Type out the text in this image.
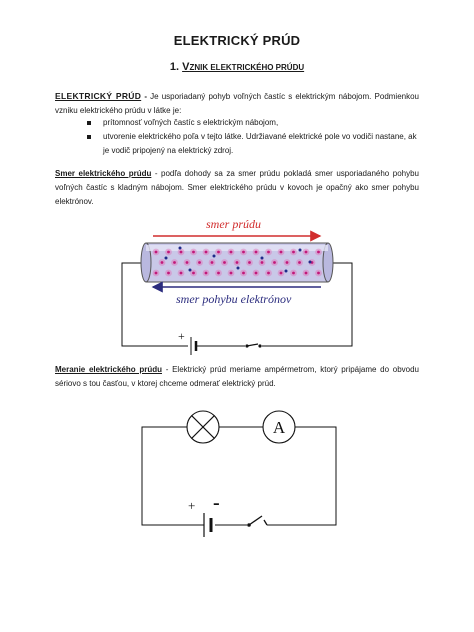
ELEKTRICKÝ PRÚD
1. VZNIK ELEKTRICKÉHO PRÚDU
ELEKTRICKÝ PRÚD - Je usporiadaný pohyb voľných častíc s elektrickým nábojom. Podmienkou vzniku elektrického prúdu v látke je:
prítomnosť voľných častíc s elektrickým nábojom,
utvorenie elektrického poľa v tejto látke. Udržiavané elektrické pole vo vodiči nastane, ak je vodič pripojený na elektrický zdroj.
Smer elektrického prúdu - podľa dohody sa za smer prúdu pokladá smer usporiadaného pohybu voľných častíc s kladným nábojom. Smer elektrického prúdu v kovoch je opačný ako smer pohybu elektrónov.
+
smer prúdu
smer pohybu elektrónov
A
+ -
Meranie elektrického prúdu - Elektrický prúd meriame ampérmetrom, ktorý pripájame do obvodu sériovo s tou časťou, v ktorej chceme odmerať elektrický prúd.
